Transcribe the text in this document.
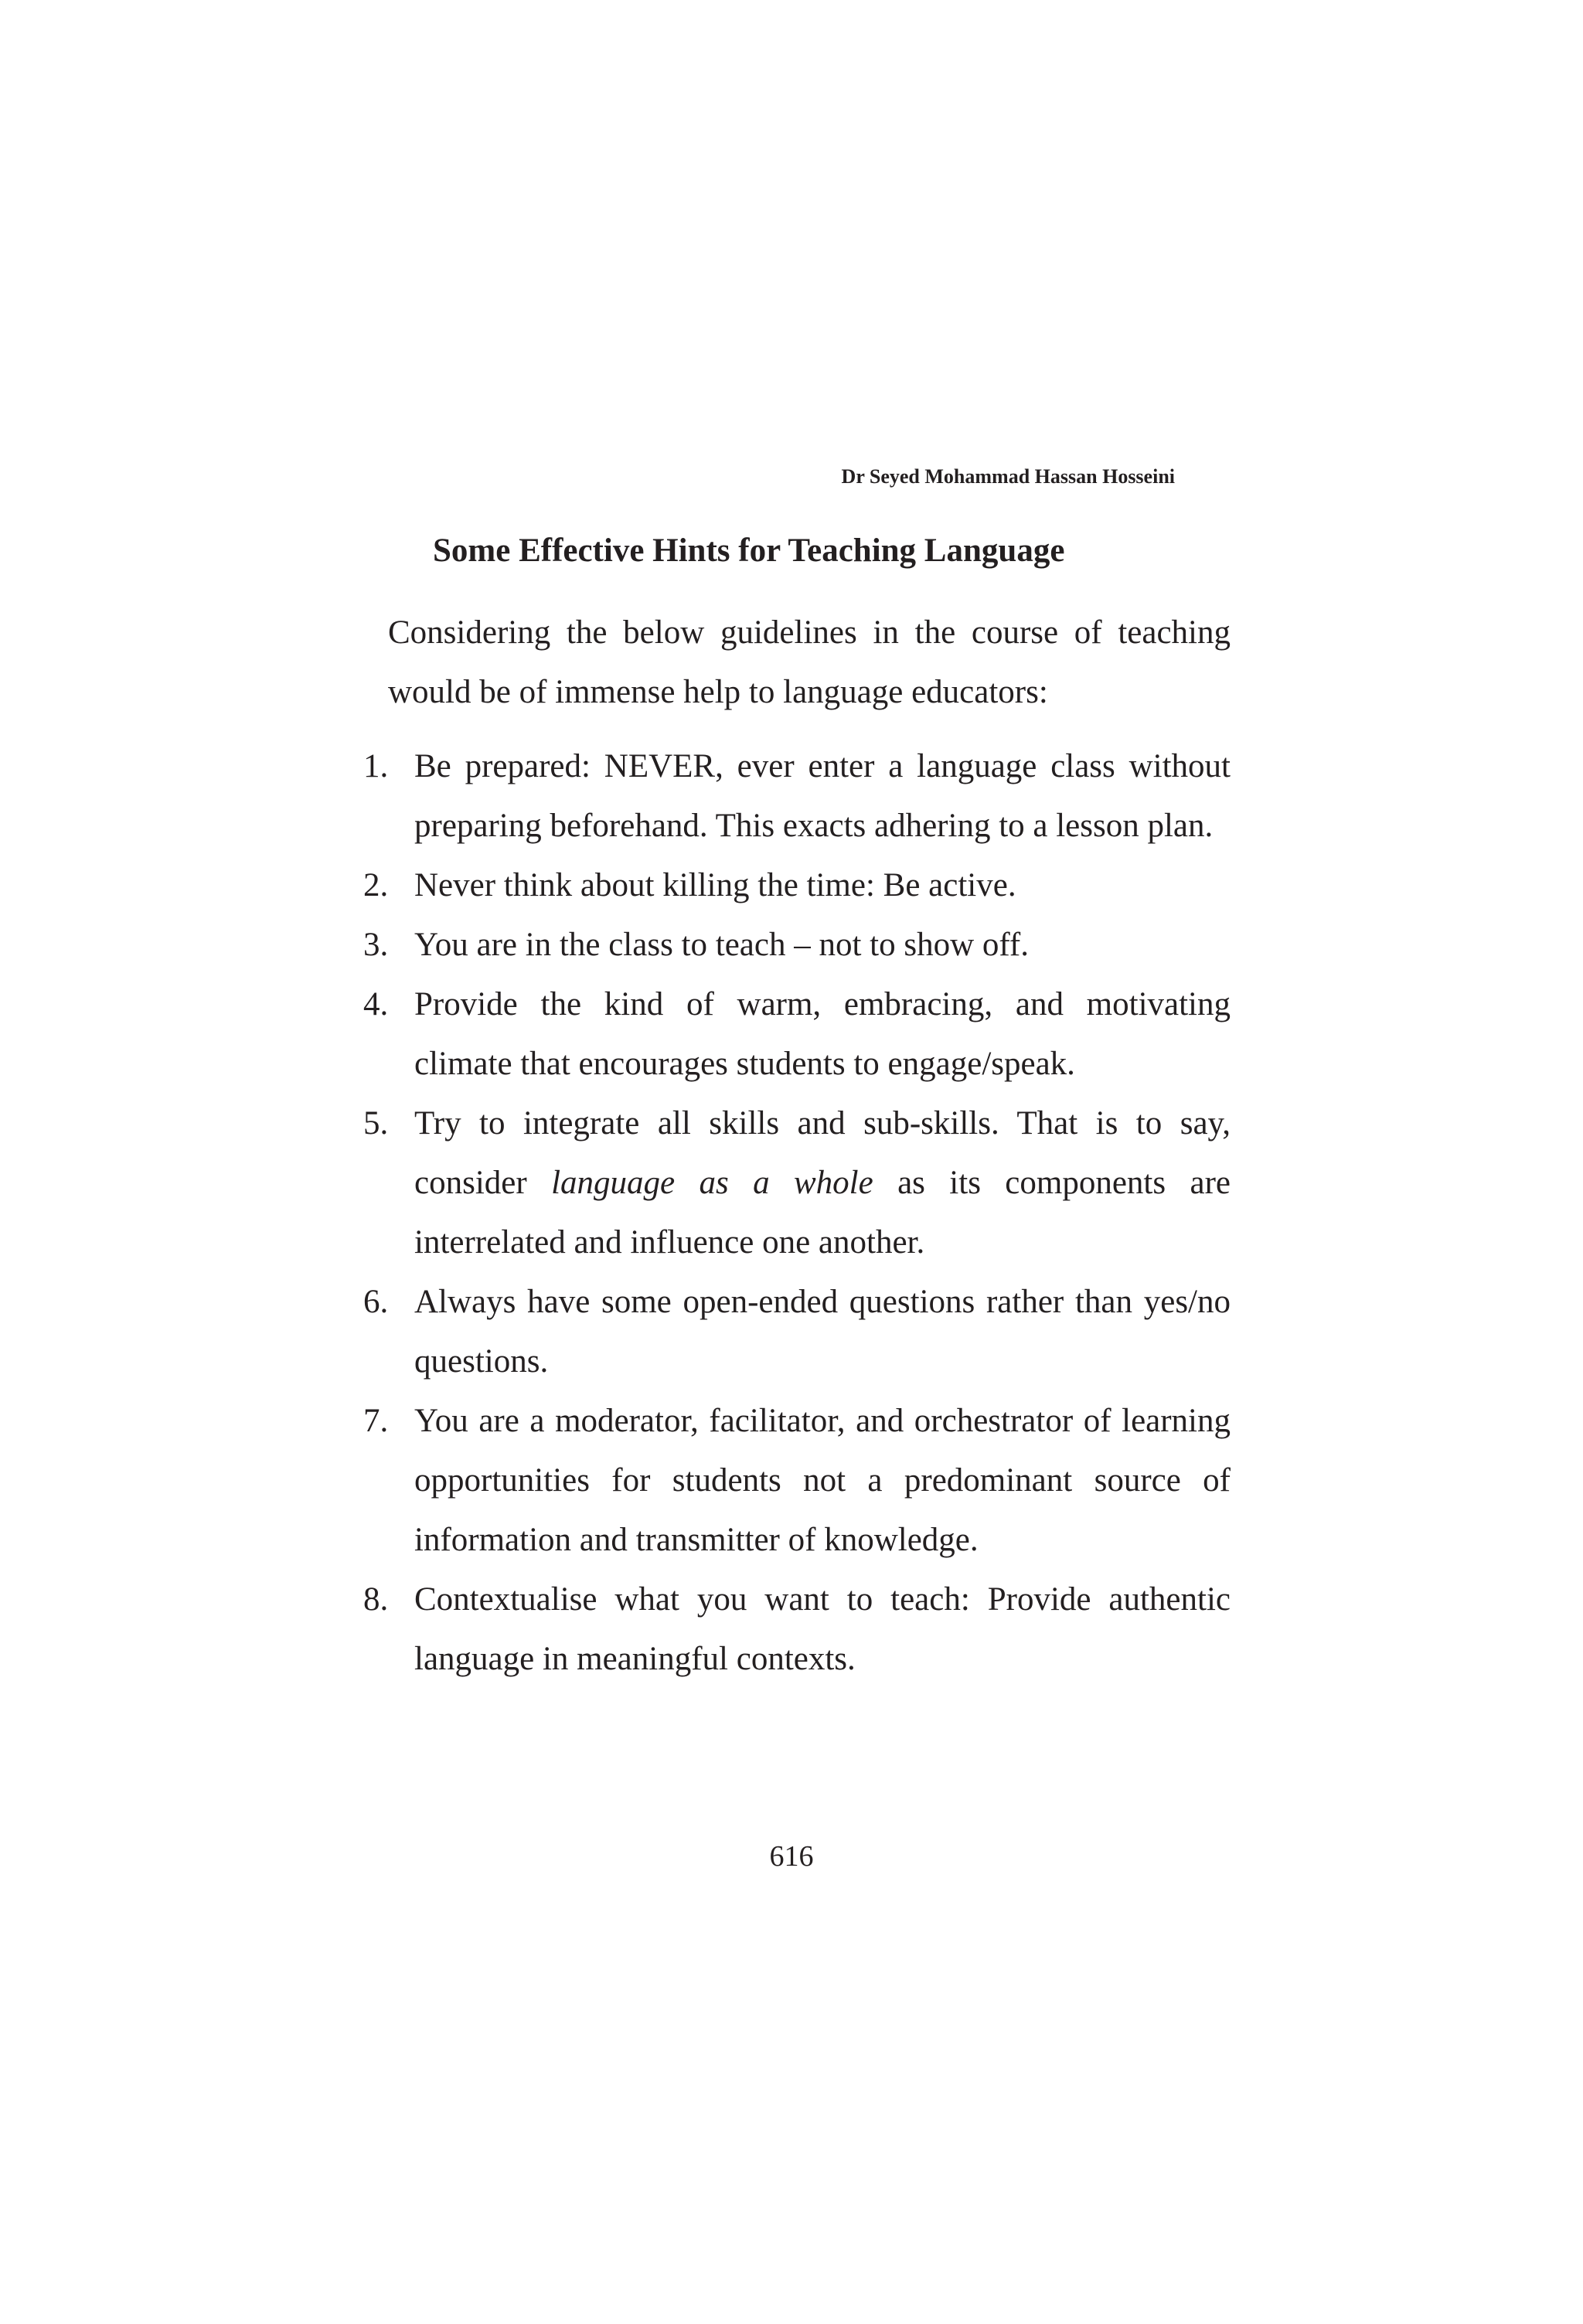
Dr Seyed Mohammad Hassan Hosseini
Some Effective Hints for Teaching Language

Considering the below guidelines in the course of teaching would be of immense help to language educators:

1. Be prepared: NEVER, ever enter a language class without preparing beforehand. This exacts adhering to a lesson plan.
2. Never think about killing the time: Be active.
3. You are in the class to teach – not to show off.
4. Provide the kind of warm, embracing, and motivating climate that encourages students to engage/speak.
5. Try to integrate all skills and sub-skills. That is to say, consider language as a whole as its components are interrelated and influence one another.
6. Always have some open-ended questions rather than yes/no questions.
7. You are a moderator, facilitator, and orchestrator of learning opportunities for students not a predominant source of information and transmitter of knowledge.
8. Contextualise what you want to teach: Provide authentic language in meaningful contexts.
616
